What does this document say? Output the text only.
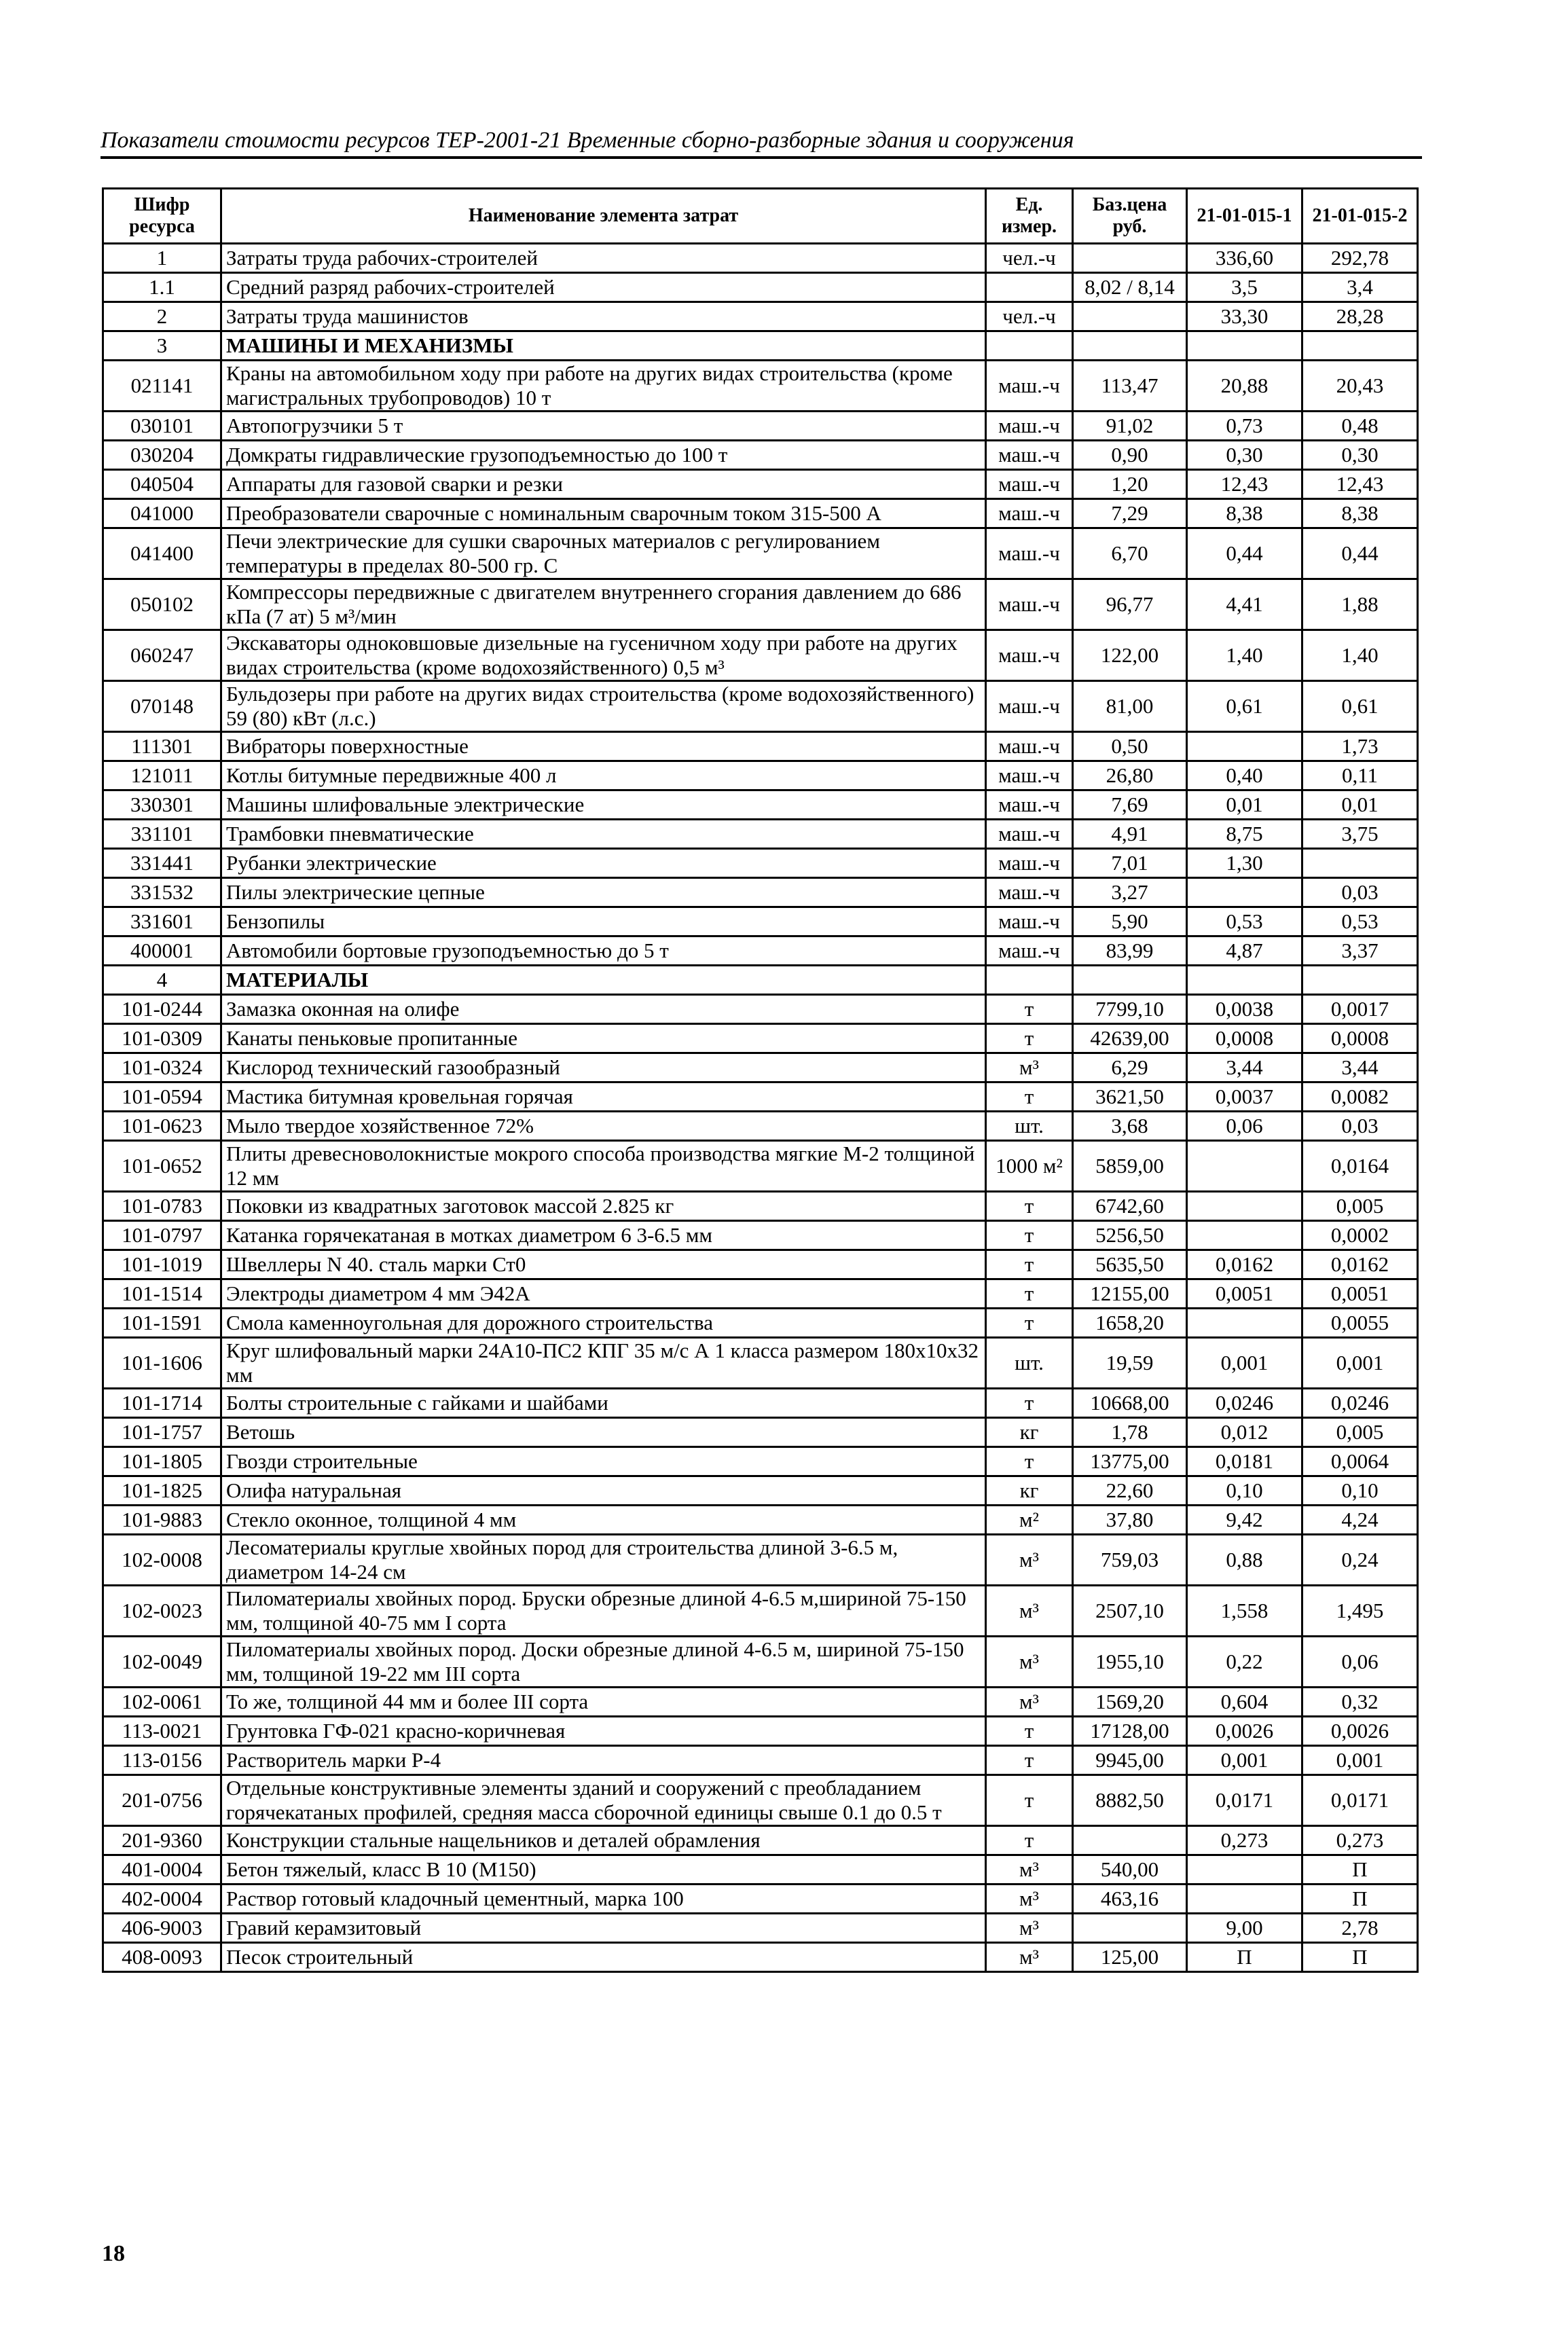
Показатели стоимости ресурсов ТЕР-2001-21 Временные сборно-разборные здания и сооружения
Шифр ресурса	Наименование элемента затрат	Ед. измер.	Баз.цена руб.	21-01-015-1	21-01-015-2
1	Затраты труда рабочих-строителей	чел.-ч		336,60	292,78
1.1	Средний разряд рабочих-строителей		8,02 / 8,14	3,5	3,4
2	Затраты труда машинистов	чел.-ч		33,30	28,28
3	МАШИНЫ И МЕХАНИЗМЫ				
021141	Краны на автомобильном ходу при работе на других видах строительства (кроме магистральных трубопроводов) 10 т	маш.-ч	113,47	20,88	20,43
030101	Автопогрузчики 5 т	маш.-ч	91,02	0,73	0,48
030204	Домкраты гидравлические грузоподъемностью до 100 т	маш.-ч	0,90	0,30	0,30
040504	Аппараты для газовой сварки и резки	маш.-ч	1,20	12,43	12,43
041000	Преобразователи сварочные с номинальным сварочным током 315-500 А	маш.-ч	7,29	8,38	8,38
041400	Печи электрические для сушки сварочных материалов с регулированием температуры в пределах 80-500 гр. С	маш.-ч	6,70	0,44	0,44
050102	Компрессоры передвижные с двигателем внутреннего сгорания давлением до 686 кПа (7 ат) 5 м³/мин	маш.-ч	96,77	4,41	1,88
060247	Экскаваторы одноковшовые дизельные на гусеничном ходу при работе на других видах строительства (кроме водохозяйственного) 0,5 м³	маш.-ч	122,00	1,40	1,40
070148	Бульдозеры при работе на других видах строительства (кроме водохозяйственного) 59 (80) кВт (л.с.)	маш.-ч	81,00	0,61	0,61
111301	Вибраторы поверхностные	маш.-ч	0,50		1,73
121011	Котлы битумные передвижные 400 л	маш.-ч	26,80	0,40	0,11
330301	Машины шлифовальные электрические	маш.-ч	7,69	0,01	0,01
331101	Трамбовки пневматические	маш.-ч	4,91	8,75	3,75
331441	Рубанки электрические	маш.-ч	7,01	1,30	
331532	Пилы электрические цепные	маш.-ч	3,27		0,03
331601	Бензопилы	маш.-ч	5,90	0,53	0,53
400001	Автомобили бортовые грузоподъемностью до 5 т	маш.-ч	83,99	4,87	3,37
4	МАТЕРИАЛЫ				
101-0244	Замазка оконная на олифе	т	7799,10	0,0038	0,0017
101-0309	Канаты пеньковые пропитанные	т	42639,00	0,0008	0,0008
101-0324	Кислород технический газообразный	м³	6,29	3,44	3,44
101-0594	Мастика битумная кровельная горячая	т	3621,50	0,0037	0,0082
101-0623	Мыло твердое хозяйственное 72%	шт.	3,68	0,06	0,03
101-0652	Плиты древесноволокнистые мокрого способа производства мягкие М-2 толщиной 12 мм	1000 м²	5859,00		0,0164
101-0783	Поковки из квадратных заготовок массой 2.825 кг	т	6742,60		0,005
101-0797	Катанка горячекатаная в мотках диаметром 6 3-6.5 мм	т	5256,50		0,0002
101-1019	Швеллеры N 40. сталь марки Ст0	т	5635,50	0,0162	0,0162
101-1514	Электроды диаметром 4 мм Э42А	т	12155,00	0,0051	0,0051
101-1591	Смола каменноугольная для дорожного строительства	т	1658,20		0,0055
101-1606	Круг шлифовальный марки 24А10-ПС2 КПГ 35 м/с А 1 класса размером 180x10x32 мм	шт.	19,59	0,001	0,001
101-1714	Болты строительные с гайками и шайбами	т	10668,00	0,0246	0,0246
101-1757	Ветошь	кг	1,78	0,012	0,005
101-1805	Гвозди строительные	т	13775,00	0,0181	0,0064
101-1825	Олифа натуральная	кг	22,60	0,10	0,10
101-9883	Стекло оконное, толщиной 4 мм	м²	37,80	9,42	4,24
102-0008	Лесоматериалы круглые хвойных пород для строительства длиной 3-6.5 м, диаметром 14-24 см	м³	759,03	0,88	0,24
102-0023	Пиломатериалы хвойных пород. Бруски обрезные длиной 4-6.5 м,шириной 75-150 мм, толщиной 40-75 мм I сорта	м³	2507,10	1,558	1,495
102-0049	Пиломатериалы хвойных пород. Доски обрезные длиной 4-6.5 м, шириной 75-150 мм, толщиной 19-22 мм III сорта	м³	1955,10	0,22	0,06
102-0061	То же, толщиной 44 мм и более III сорта	м³	1569,20	0,604	0,32
113-0021	Грунтовка ГФ-021 красно-коричневая	т	17128,00	0,0026	0,0026
113-0156	Растворитель марки Р-4	т	9945,00	0,001	0,001
201-0756	Отдельные конструктивные элементы зданий и сооружений с преобладанием горячекатаных профилей, средняя масса сборочной единицы свыше 0.1 до 0.5 т	т	8882,50	0,0171	0,0171
201-9360	Конструкции стальные нащельников и деталей обрамления	т		0,273	0,273
401-0004	Бетон тяжелый, класс В 10 (М150)	м³	540,00		П
402-0004	Раствор готовый кладочный цементный, марка 100	м³	463,16		П
406-9003	Гравий керамзитовый	м³		9,00	2,78
408-0093	Песок строительный	м³	125,00	П	П
18
